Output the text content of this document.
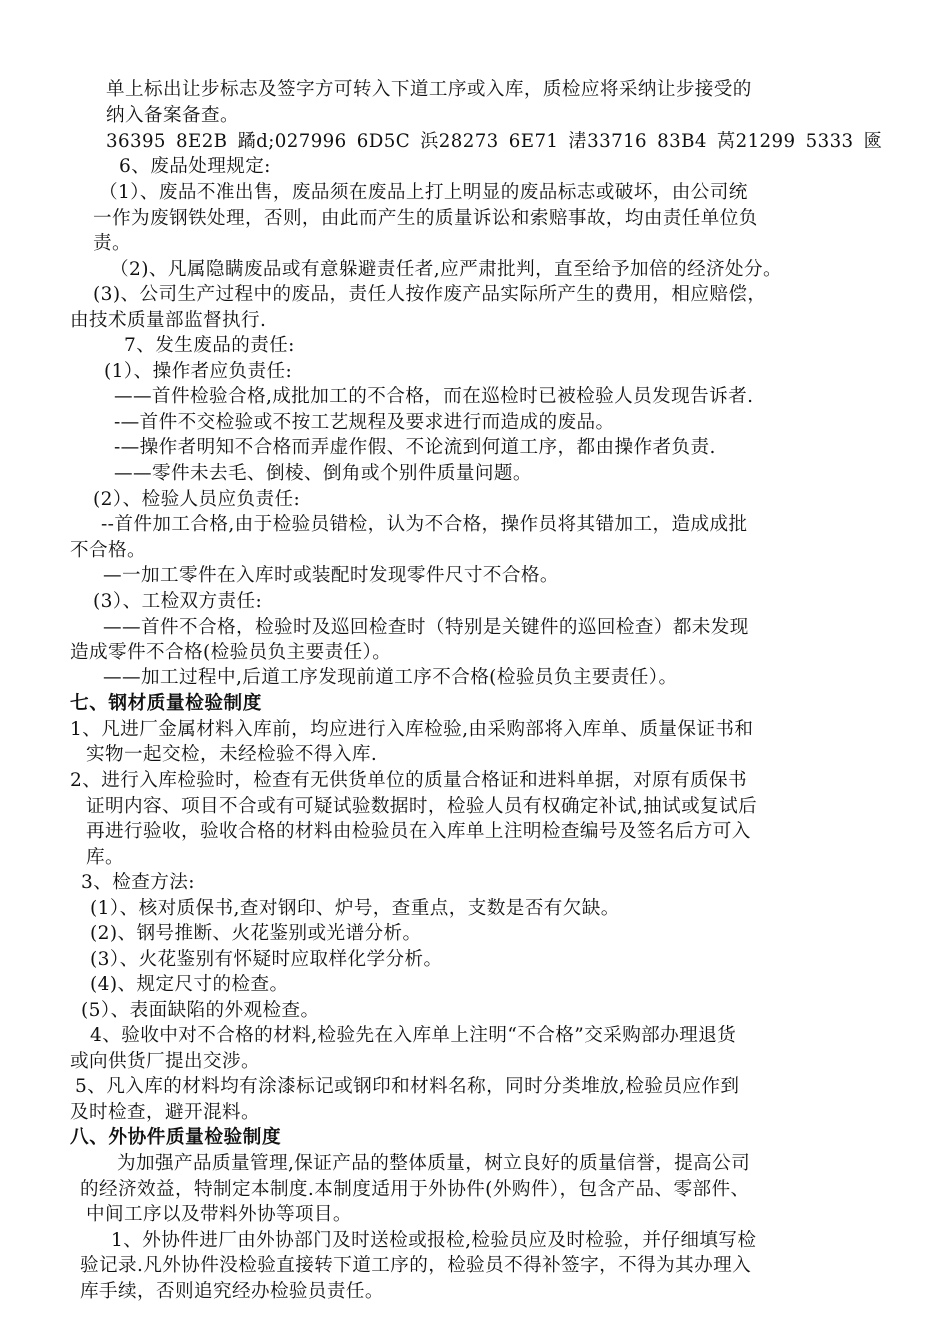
单上标出让步标志及签字方可转入下道工序或入库，质检应将采纳让步接受的
纳入备案备查。
36395 8E2B 蹫d;027996 6D5C 浜28273 6E71 湱33716 83B4 莴21299 5333 匳
6、废品处理规定:
（1）、废品不准出售，废品须在废品上打上明显的废品标志或破坏，由公司统
一作为废钢铁处理，否则，由此而产生的质量诉讼和索赔事故，均由责任单位负
责。
（2)、凡属隐瞒废品或有意躲避责任者,应严肃批判，直至给予加倍的经济处分。
(3)、公司生产过程中的废品，责任人按作废产品实际所产生的费用，相应赔偿，
由技术质量部监督执行.
7、发生废品的责任:
(1）、操作者应负责任:
——首件检验合格,成批加工的不合格，而在巡检时已被检验人员发现告诉者.
-—首件不交检验或不按工艺规程及要求进行而造成的废品。
-—操作者明知不合格而弄虚作假、不论流到何道工序，都由操作者负责.
——零件未去毛、倒棱、倒角或个别件质量问题。
(2）、检验人员应负责任:
--首件加工合格,由于检验员错检，认为不合格，操作员将其错加工，造成成批
不合格。
—一加工零件在入库时或装配时发现零件尺寸不合格。
(3）、工检双方责任:
——首件不合格，检验时及巡回检查时（特别是关键件的巡回检查）都未发现
造成零件不合格(检验员负主要责任）。
——加工过程中,后道工序发现前道工序不合格(检验员负主要责任）。
七、钢材质量检验制度
1、凡进厂金属材料入库前，均应进行入库检验,由采购部将入库单、质量保证书和
实物一起交检，未经检验不得入库.
2、进行入库检验时，检查有无供货单位的质量合格证和进料单据，对原有质保书
证明内容、项目不合或有可疑试验数据时，检验人员有权确定补试,抽试或复试后
再进行验收，验收合格的材料由检验员在入库单上注明检查编号及签名后方可入
库。
3、检查方法:
(1）、核对质保书,查对钢印、炉号，查重点，支数是否有欠缺。
(2)、钢号推断、火花鉴别或光谱分析。
(3）、火花鉴别有怀疑时应取样化学分析。
(4)、规定尺寸的检查。
(5）、表面缺陷的外观检查。
4、验收中对不合格的材料,检验先在入库单上注明“不合格”交采购部办理退货
或向供货厂提出交涉。
5、凡入库的材料均有涂漆标记或钢印和材料名称，同时分类堆放,检验员应作到
及时检查，避开混料。
八、外协件质量检验制度
为加强产品质量管理,保证产品的整体质量，树立良好的质量信誉，提高公司
的经济效益，特制定本制度.本制度适用于外协件(外购件），包含产品、零部件、
中间工序以及带料外协等项目。
1、外协件进厂由外协部门及时送检或报检,检验员应及时检验，并仔细填写检
验记录.凡外协件没检验直接转下道工序的，检验员不得补签字，不得为其办理入
库手续，否则追究经办检验员责任。
